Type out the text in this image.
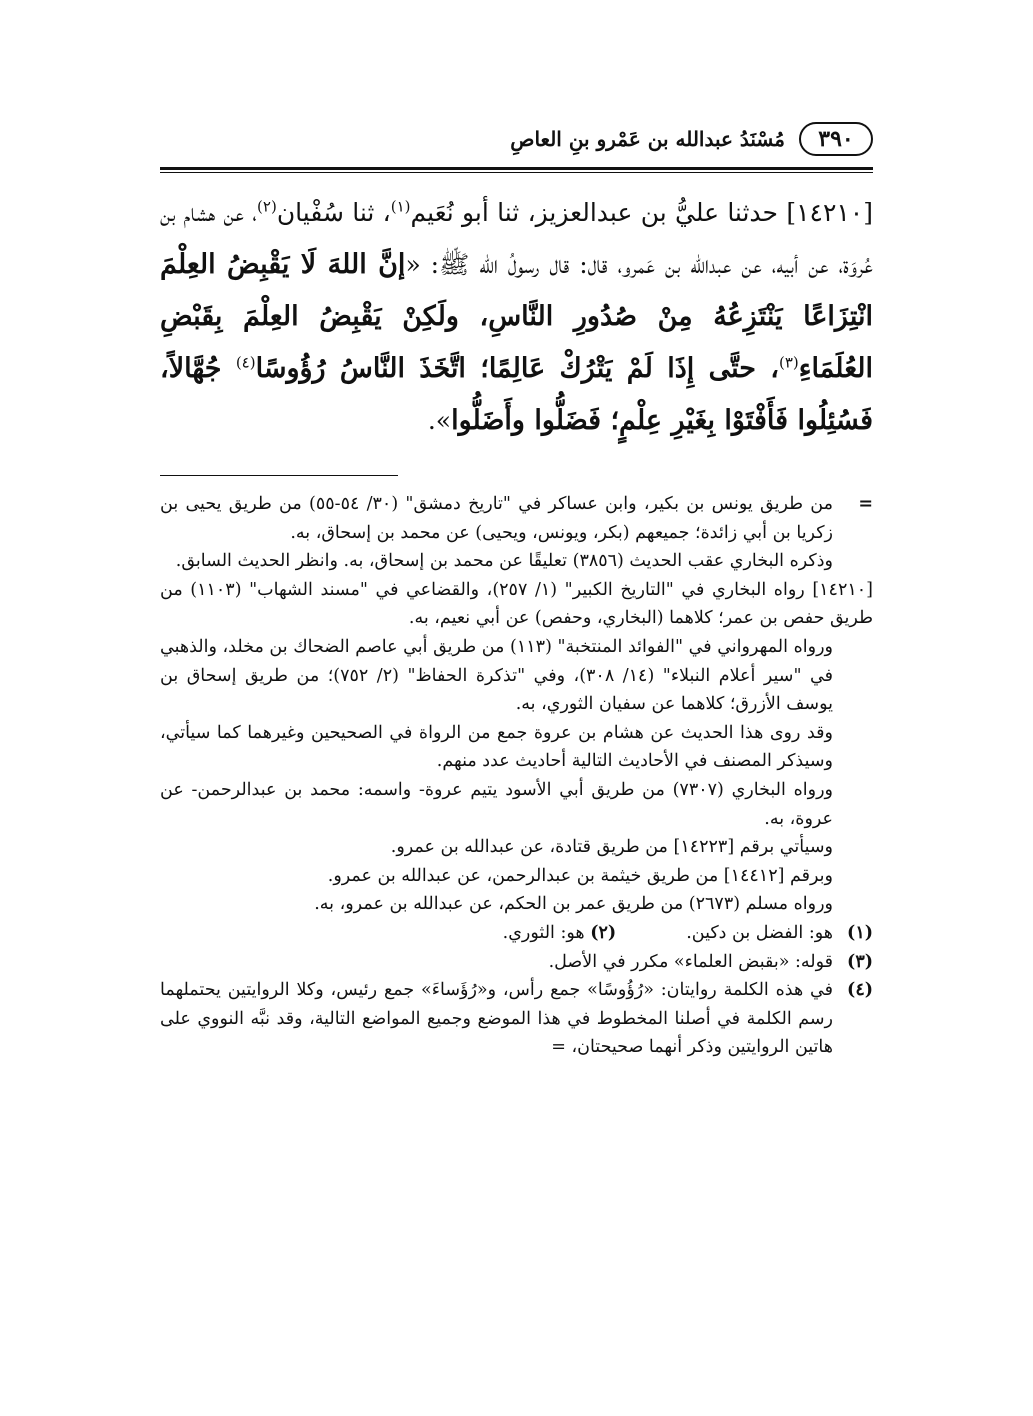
٣٩٠
مُسْنَدُ عبدالله بن عَمْرو بنِ العاصِ
[١٤٢١٠] حدثنا عليُّ بن عبدالعزيز، ثنا أبو نُعَيم$^{(١)}$، ثنا سُفْيان$^{(٢)}$، عن هشام بن عُروَة، عن أبيه، عن عبدالله بن عَمرو، قال: قال رسولُ الله ﷺ: «إنَّ اللهَ لَا يَقْبِضُ العِلْمَ انْتِزَاعًا يَنْتَزِعُهُ مِنْ صُدُورِ النَّاسِ، ولَكِنْ يَقْبِضُ العِلْمَ بِقَبْضِ العُلَمَاءِ$^{(٣)}$، حتَّى إِذَا لَمْ يَتْرُكْ عَالِمًا؛ اتَّخَذَ النَّاسُ رُؤُوسًا$^{(٤)}$ جُهَّالاً، فَسُئِلُوا فَأَفْتَوْا بِغَيْرِ عِلْمٍ؛ فَضَلُّوا وأَضَلُّوا».
=

من طريق يونس بن بكير، وابن عساكر في "تاريخ دمشق" (٣٠/ ٥٤-٥٥) من طريق يحيى بن زكريا بن أبي زائدة؛ جميعهم (بكر، ويونس، ويحيى) عن محمد بن إسحاق، به.

وذكره البخاري عقب الحديث (٣٨٥٦) تعليقًا عن محمد بن إسحاق، به. وانظر الحديث السابق.

[١٤٢١٠] رواه البخاري في "التاريخ الكبير" (١/ ٢٥٧)، والقضاعي في "مسند الشهاب" (١١٠٣) من طريق حفص بن عمر؛ كلاهما (البخاري، وحفص) عن أبي نعيم، به.

ورواه المهرواني في "الفوائد المنتخبة" (١١٣) من طريق أبي عاصم الضحاك بن مخلد، والذهبي في "سير أعلام النبلاء" (١٤/ ٣٠٨)، وفي "تذكرة الحفاظ" (٢/ ٧٥٢)؛ من طريق إسحاق بن يوسف الأزرق؛ كلاهما عن سفيان الثوري، به.

وقد روى هذا الحديث عن هشام بن عروة جمع من الرواة في الصحيحين وغيرهما كما سيأتي، وسيذكر المصنف في الأحاديث التالية أحاديث عدد منهم.

ورواه البخاري (٧٣٠٧) من طريق أبي الأسود يتيم عروة- واسمه: محمد بن عبدالرحمن- عن عروة، به.

وسيأتي برقم [١٤٢٢٣] من طريق قتادة، عن عبدالله بن عمرو.

وبرقم [١٤٤١٢] من طريق خيثمة بن عبدالرحمن، عن عبدالله بن عمرو.

ورواه مسلم (٢٦٧٣) من طريق عمر بن الحكم، عن عبدالله بن عمرو، به.

(١)
هو: الفضل بن دكين.
(٢) هو: الثوري.
(٣)

قوله: «بقبض العلماء» مكرر في الأصل.

(٤)

في هذه الكلمة روايتان: «رُؤُوسًا» جمع رأس، و«رُؤَساءَ» جمع رئيس، وكلا الروايتين يحتملهما رسم الكلمة في أصلنا المخطوط في هذا الموضع وجميع المواضع التالية، وقد نبَّه النووي على هاتين الروايتين وذكر أنهما صحيحتان، =
